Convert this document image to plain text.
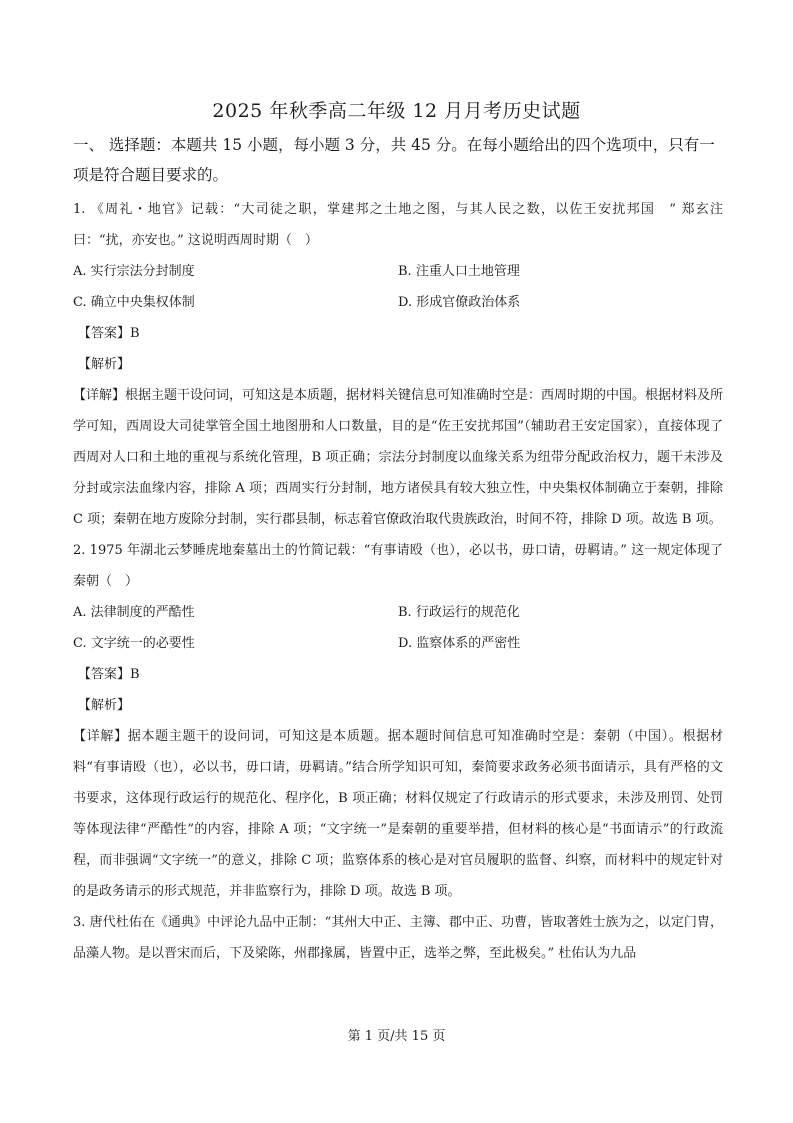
2025 年秋季高二年级 12 月月考历史试题

一、 选择题：本题共 15 小题，每小题 3 分，共 45 分。在每小题给出的四个选项中，只有一
项是符合题目要求的。

1. 《周礼・地官》记载：“大司徒之职，掌建邦之土地之图，与其人民之数，以佐王安扰邦国　” 郑玄注曰：“扰，亦安也。” 这说明西周时期（　）

A. 实行宗法分封制度	B. 注重人口土地管理
C. 确立中央集权体制	D. 形成官僚政治体系
【答案】B
【解析】

【详解】根据主题干设问词，可知这是本质题，据材料关键信息可知准确时空是：西周时期的中国。根据材料及所学可知，西周设大司徒掌管全国土地图册和人口数量，目的是“佐王安扰邦国”（辅助君王安定国家），直接体现了西周对人口和土地的重视与系统化管理，B 项正确；宗法分封制度以血缘关系为纽带分配政治权力，题干未涉及分封或宗法血缘内容，排除 A 项；西周实行分封制，地方诸侯具有较大独立性，中央集权体制确立于秦朝，排除 C 项；秦朝在地方废除分封制，实行郡县制，标志着官僚政治取代贵族政治，时间不符，排除 D 项。故选 B 项。

2. 1975 年湖北云梦睡虎地秦墓出土的竹简记载：“有事请殴（也），必以书，毋口请，毋羁请。” 这一规定体现了秦朝（　）

A. 法律制度的严酷性	B. 行政运行的规范化
C. 文字统一的必要性	D. 监察体系的严密性
【答案】B
【解析】

【详解】据本题主题干的设问词，可知这是本质题。据本题时间信息可知准确时空是：秦朝（中国）。根据材料“有事请殴（也），必以书，毋口请，毋羁请。”结合所学知识可知，秦简要求政务必须书面请示，具有严格的文书要求，这体现行政运行的规范化、程序化，B 项正确；材料仅规定了行政请示的形式要求，未涉及刑罚、处罚等体现法律“严酷性”的内容，排除 A 项；“文字统一”是秦朝的重要举措，但材料的核心是“书面请示”的行政流程，而非强调“文字统一”的意义，排除 C 项；监察体系的核心是对官员履职的监督、纠察，而材料中的规定针对的是政务请示的形式规范，并非监察行为，排除 D 项。故选 B 项。

3. 唐代杜佑在《通典》中评论九品中正制：“其州大中正、主簿、郡中正、功曹，皆取著姓士族为之，以定门胄，品藻人物。是以晋宋而后，下及梁陈，州郡掾属，皆置中正，选举之弊，至此极矣。” 杜佑认为九品

第 1 页/共 15 页
